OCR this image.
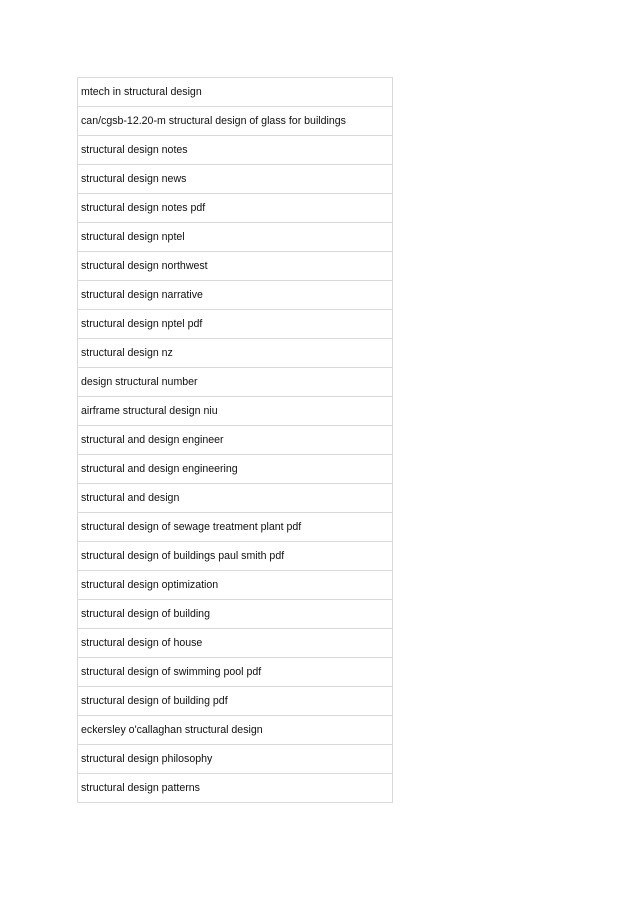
mtech in structural design
can/cgsb-12.20-m structural design of glass for buildings
structural design notes
structural design news
structural design notes pdf
structural design nptel
structural design northwest
structural design narrative
structural design nptel pdf
structural design nz
design structural number
airframe structural design niu
structural and design engineer
structural and design engineering
structural and design
structural design of sewage treatment plant pdf
structural design of buildings paul smith pdf
structural design optimization
structural design of building
structural design of house
structural design of swimming pool pdf
structural design of building pdf
eckersley o'callaghan structural design
structural design philosophy
structural design patterns
